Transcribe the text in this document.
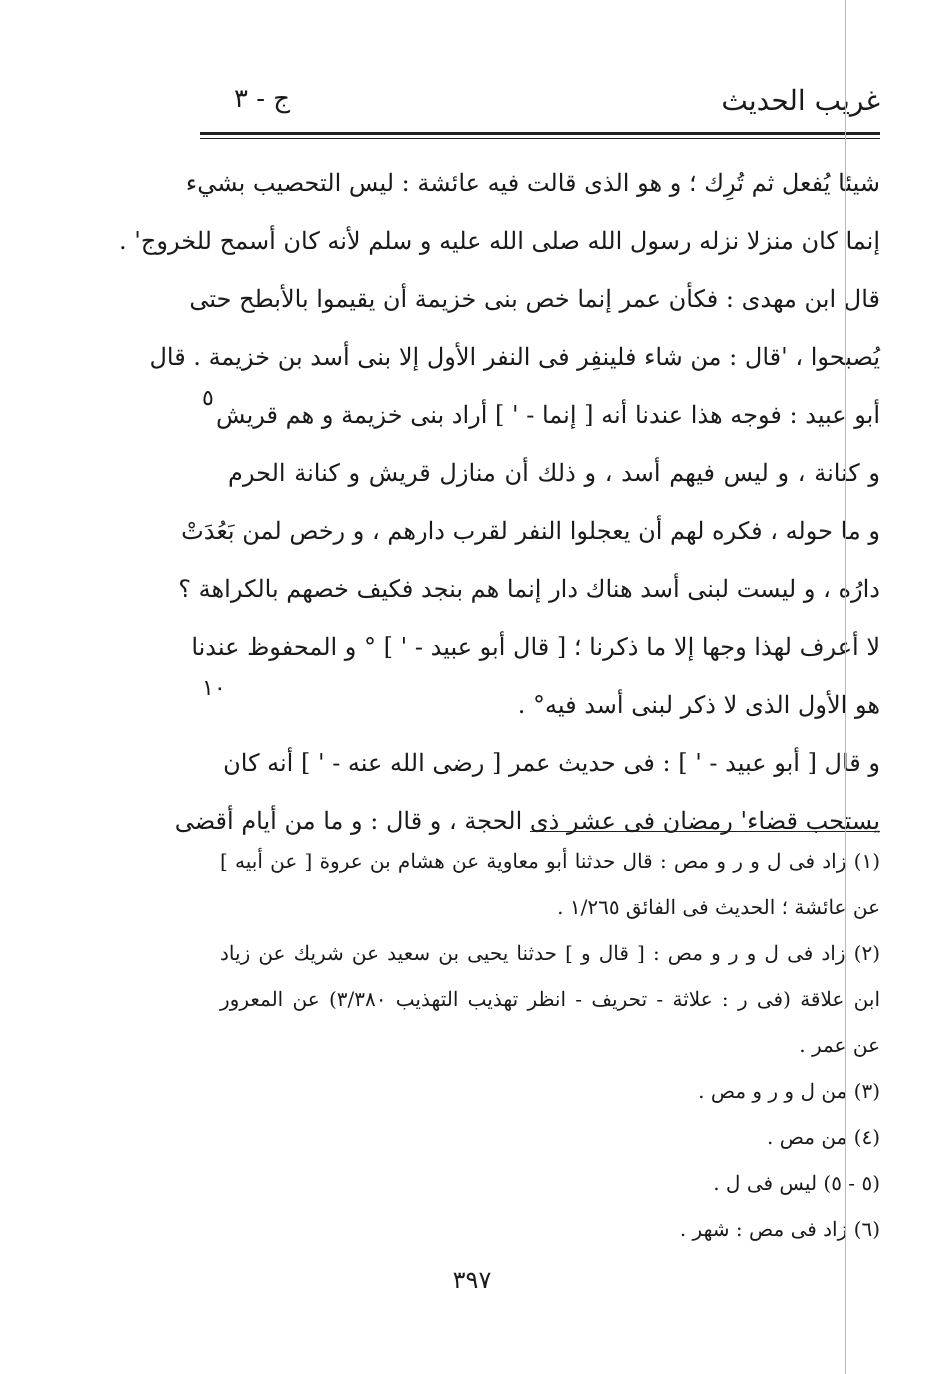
غريب الحديث
ج - ٣
شيئا يُفعل ثم تُرِك ؛ و هو الذى قالت فيه عائشة : ليس التحصيب بشيء
إنما كان منزلا نزله رسول الله صلى الله عليه و سلم لأنه كان أسمح للخروج' .
قال ابن مهدى : فكأن عمر إنما خص بنى خزيمة أن يقيموا بالأبطح حتى
يُصبحوا ، 'قال : من شاء فلينفِر فى النفر الأول إلا بنى أسد بن خزيمة . قال
أبو عبيد : فوجه هذا عندنا أنه [ إنما - ' ] أراد بنى خزيمة و هم قريش
و كنانة ، و ليس فيهم أسد ، و ذلك أن منازل قريش و كنانة الحرم
و ما حوله ، فكره لهم أن يعجلوا النفر لقرب دارهم ، و رخص لمن بَعُدَتْ
دارُه ، و ليست لبنى أسد هناك دار إنما هم بنجد فكيف خصهم بالكراهة ؟
لا أعرف لهذا وجها إلا ما ذكرنا ؛ [ قال أبو عبيد - ' ] ° و المحفوظ عندنا
هو الأول الذى لا ذكر لبنى أسد فيه° .
و قال [ أبو عبيد - ' ] : فى حديث عمر [ رضى الله عنه - ' ] أنه كان
يستحب قضاء' رمضان فى عشر ذى الحجة ، و قال : و ما من أيام أقضى
٥
١٠
(١) زاد فى ل و ر و مص : قال حدثنا أبو معاوية عن هشام بن عروة [ عن أبيه ]
عن عائشة ؛ الحديث فى الفائق ١/٢٦٥ .
(٢) زاد فى ل و ر و مص : [ قال و ] حدثنا يحيى بن سعيد عن شريك عن زياد
ابن علاقة (فى ر : علاثة - تحريف - انظر تهذيب التهذيب ٣/٣٨٠) عن المعرور
عن عمر .
(٣) من ل و ر و مص .
(٤) من مص .
(٥ - ٥) ليس فى ل .
(٦) زاد فى مص : شهر .
٣٩٧
